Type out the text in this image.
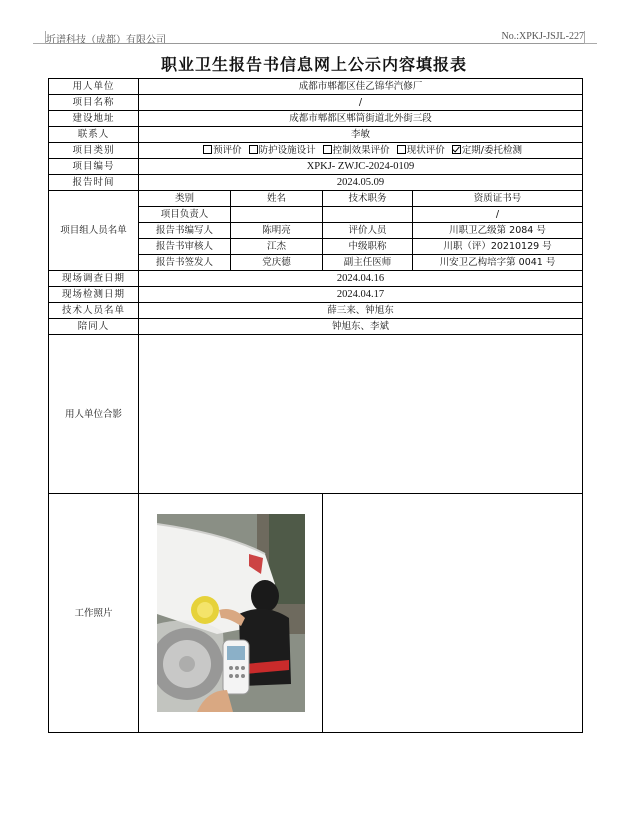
圻谱科技（成都）有限公司	No.:XPKJ-JSJL-227
职业卫生报告书信息网上公示内容填报表
用人单位	成都市郫都区佳乙锦华汽修厂			
项目名称	/			
建设地址	成都市郫都区郫筒街道北外街三段			
联系人	李敏			
项目类别	预评价 防护设施设计 控制效果评价 现状评价 定期/委托检测			
项目编号	XPKJ- ZWJC-2024-0109			
报告时间	2024.05.09			
项目组人员名单	类别	姓名	技术职务	资质证书号
	项目负责人			/
	报告书编写人	陈明亮	评价人员	川职卫乙级第 2084 号
	报告书审核人	江杰	中级职称	川职（评）20210129 号
	报告书签发人	党庆德	副主任医师	川安卫乙构培字第 0041 号
现场调查日期	2024.04.16			
现场检测日期	2024.04.17			
技术人员名单	薛三来、钟旭东			
陪同人	钟旭东、李斌			
用人单位合影				
工作照片	
